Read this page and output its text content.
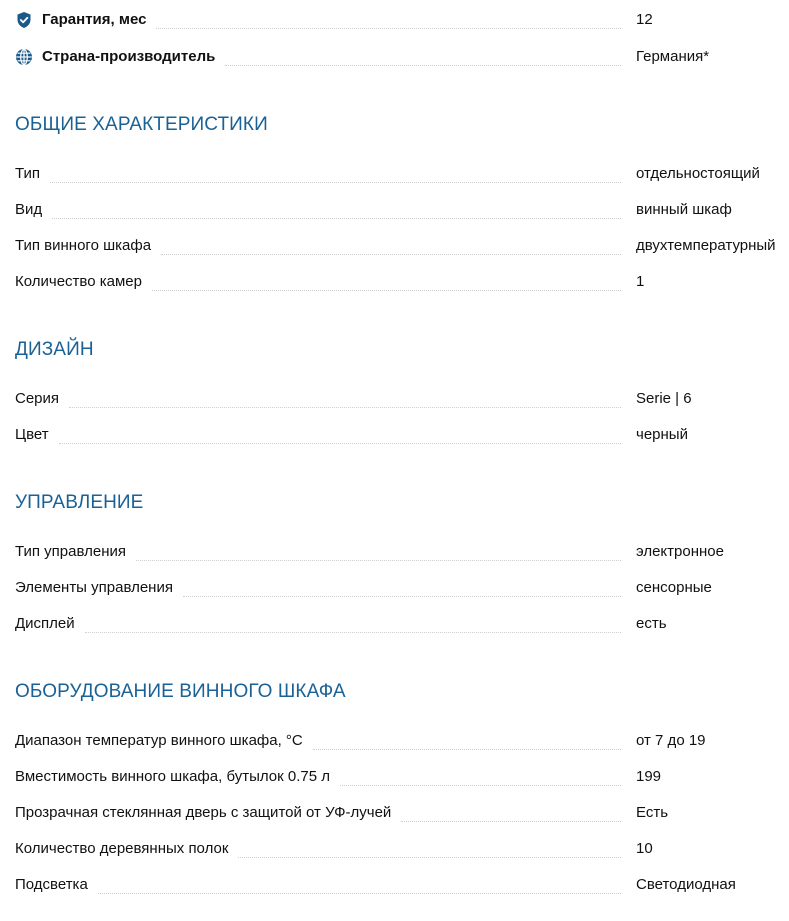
Гарантия, мес	12
Страна-производитель	Германия*
ОБЩИЕ ХАРАКТЕРИСТИКИ
Тип	отдельностоящий
Вид	винный шкаф
Тип винного шкафа	двухтемпературный
Количество камер	1
ДИЗАЙН
Серия	Serie | 6
Цвет	черный
УПРАВЛЕНИЕ
Тип управления	электронное
Элементы управления	сенсорные
Дисплей	есть
ОБОРУДОВАНИЕ ВИННОГО ШКАФА
Диапазон температур винного шкафа, °C	от 7 до 19
Вместимость винного шкафа, бутылок 0.75 л	199
Прозрачная стеклянная дверь с защитой от УФ-лучей	Есть
Количество деревянных полок	10
Подсветка	Светодиодная
